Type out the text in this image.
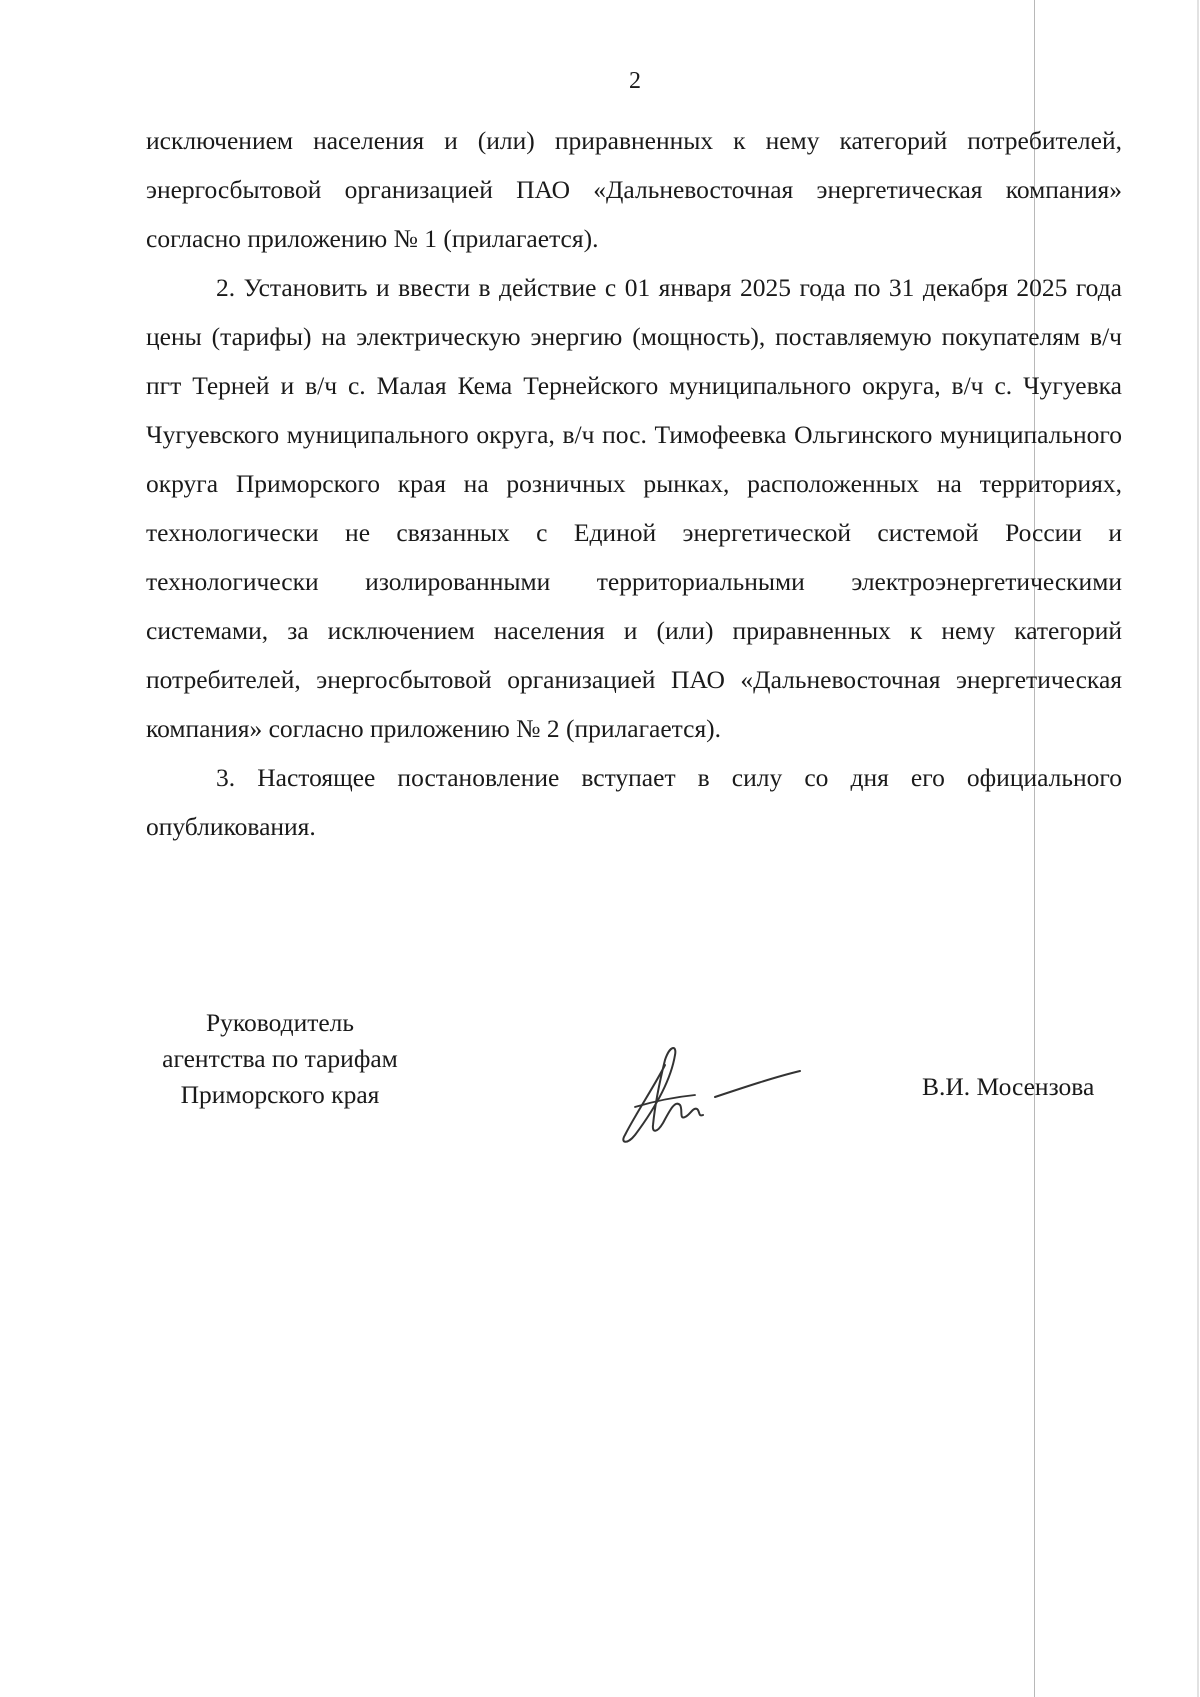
2

исключением населения и (или) приравненных к нему категорий потребителей, энергосбытовой организацией ПАО «Дальневосточная энергетическая компания» согласно приложению № 1 (прилагается).

2. Установить и ввести в действие с 01 января 2025 года по 31 декабря 2025 года цены (тарифы) на электрическую энергию (мощность), поставляемую покупателям в/ч пгт Терней и в/ч с. Малая Кема Тернейского муниципального округа, в/ч с. Чугуевка Чугуевского муниципального округа, в/ч пос. Тимофеевка Ольгинского муниципального округа Приморского края на розничных рынках, расположенных на территориях, технологически не связанных с Единой энергетической системой России и технологически изолированными территориальными электроэнергетическими системами, за исключением населения и (или) приравненных к нему категорий потребителей, энергосбытовой организацией ПАО «Дальневосточная энергетическая компания» согласно приложению № 2 (прилагается).

3. Настоящее постановление вступает в силу со дня его официального опубликования.

Руководитель
агентства по тарифам
Приморского края	В.И. Мосензова
